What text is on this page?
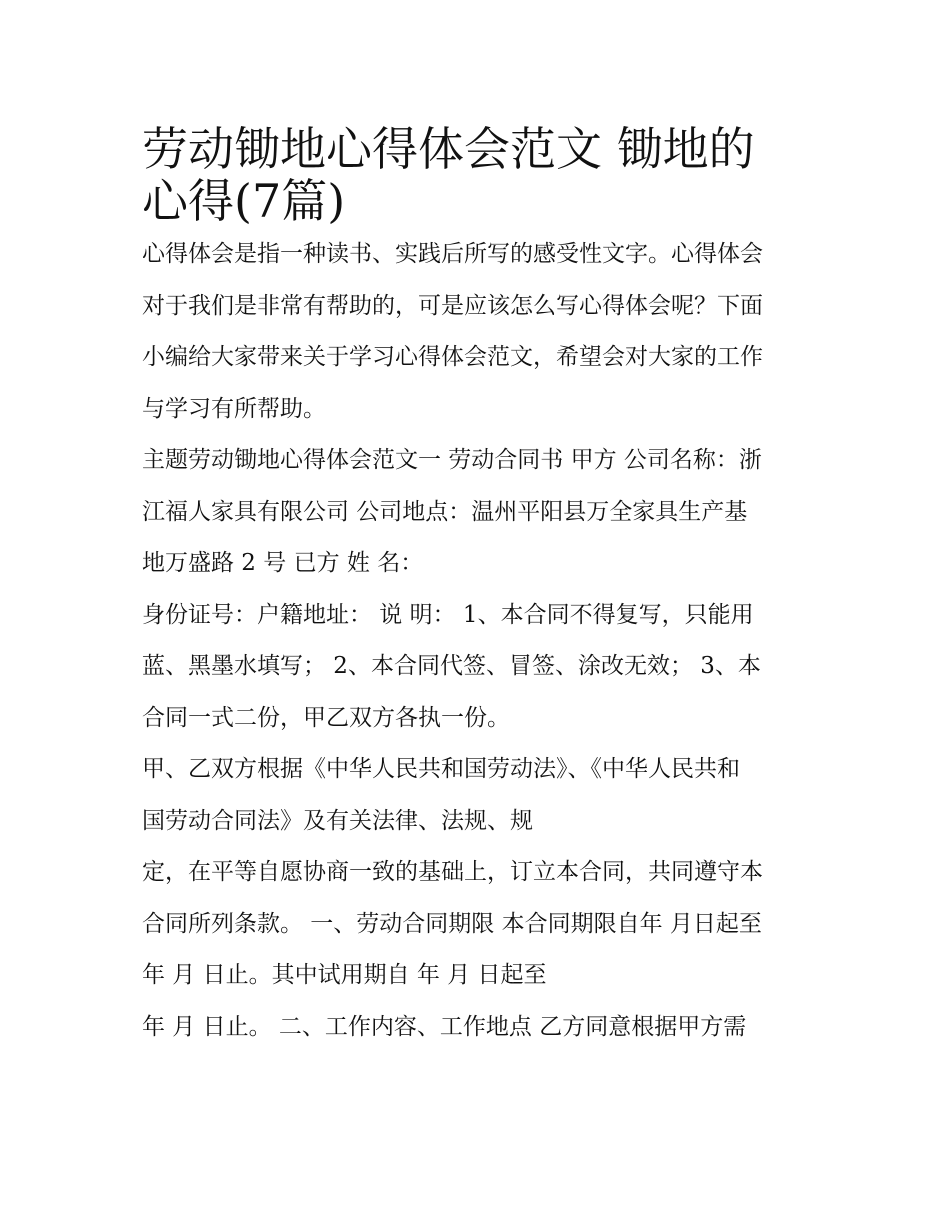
劳动锄地心得体会范文 锄地的
心得(7篇)

心得体会是指一种读书、实践后所写的感受性文字。心得体会

对于我们是非常有帮助的，可是应该怎么写心得体会呢？下面

小编给大家带来关于学习心得体会范文，希望会对大家的工作

与学习有所帮助。

主题劳动锄地心得体会范文一 劳动合同书 甲方 公司名称：浙

江福人家具有限公司 公司地点：温州平阳县万全家具生产基

地万盛路 2 号 已方 姓 名：

身份证号：户籍地址： 说 明： 1、本合同不得复写，只能用

蓝、黑墨水填写； 2、本合同代签、冒签、涂改无效； 3、本

合同一式二份，甲乙双方各执一份。

甲、乙双方根据《中华人民共和国劳动法》、《中华人民共和

国劳动合同法》及有关法律、法规、规

定，在平等自愿协商一致的基础上，订立本合同，共同遵守本

合同所列条款。 一、劳动合同期限 本合同期限自年 月日起至

年 月 日止。其中试用期自 年 月 日起至

年 月 日止。 二、工作内容、工作地点 乙方同意根据甲方需
